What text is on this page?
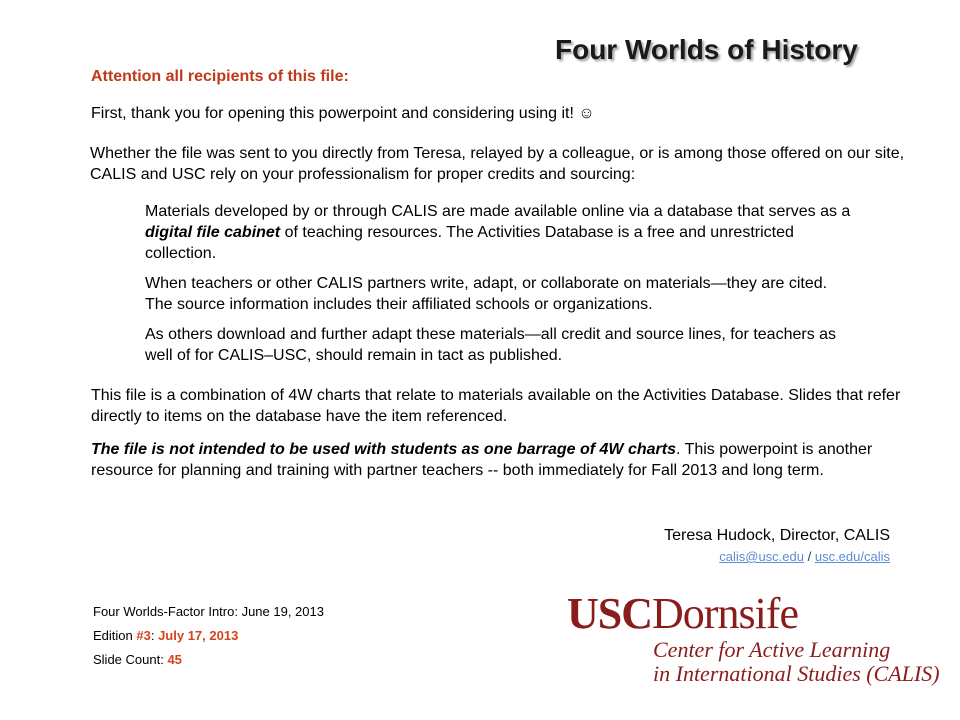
Four Worlds of History
Attention all recipients of this file:
First, thank you for opening this powerpoint and considering using it! ☺
Whether the file was sent to you directly from Teresa, relayed by a colleague, or is among those offered on our site, CALIS and USC rely on your professionalism for proper credits and sourcing:
Materials developed by or through CALIS are made available online via a database that serves as a digital file cabinet of teaching resources. The Activities Database is a free and unrestricted collection.
When teachers or other CALIS partners write, adapt, or collaborate on materials—they are cited. The source information includes their affiliated schools or organizations.
As others download and further adapt these materials—all credit and source lines, for teachers as well of for CALIS–USC, should remain in tact as published.
This file is a combination of 4W charts that relate to materials available on the Activities Database. Slides that refer directly to items on the database have the item referenced.
The file is not intended to be used with students as one barrage of 4W charts. This powerpoint is another resource for planning and training with partner teachers -- both immediately for Fall 2013 and long term.
Teresa Hudock, Director, CALIS
calis@usc.edu / usc.edu/calis
Four Worlds-Factor Intro: June 19, 2013
Edition #3: July 17, 2013
Slide Count: 45
USCDornsife
Center for Active Learning
in International Studies (CALIS)
